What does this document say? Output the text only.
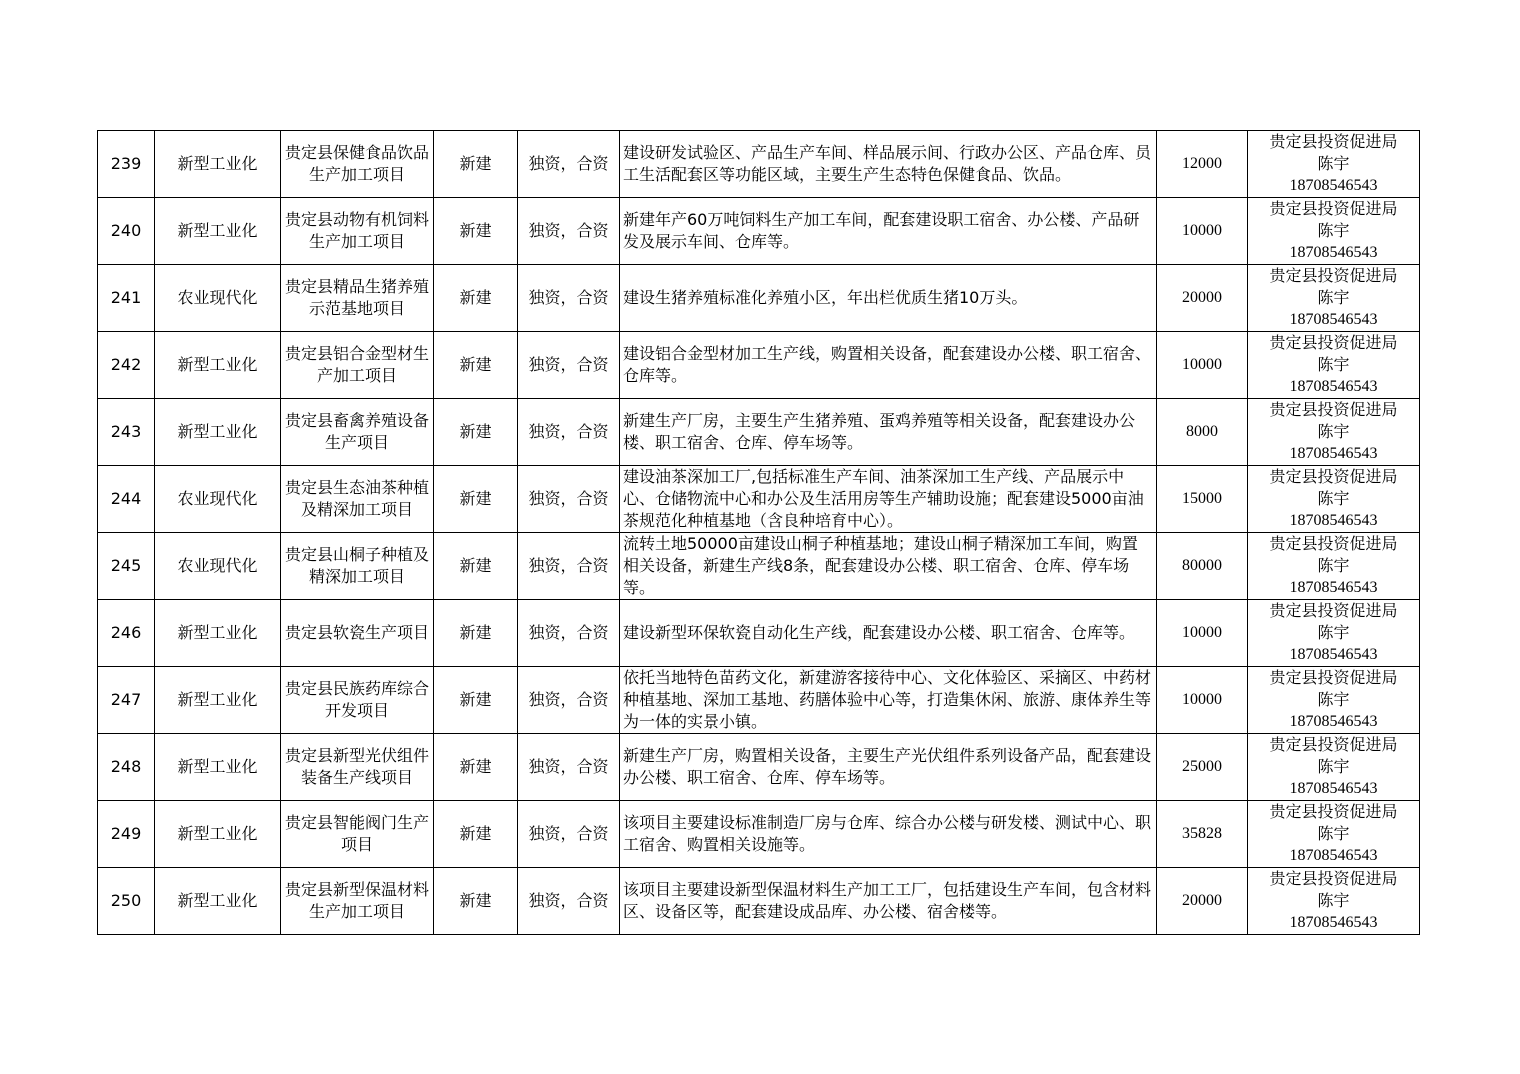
239	新型工业化	贵定县保健食品饮品生产加工项目	新建	独资，合资	建设研发试验区、产品生产车间、样品展示间、行政办公区、产品仓库、员工生活配套区等功能区域，主要生产生态特色保健食品、饮品。	12000	贵定县投资促进局
陈宇
18708546543

240	新型工业化	贵定县动物有机饲料生产加工项目	新建	独资，合资	新建年产60万吨饲料生产加工车间，配套建设职工宿舍、办公楼、产品研发及展示车间、仓库等。	10000	贵定县投资促进局
陈宇
18708546543

241	农业现代化	贵定县精品生猪养殖示范基地项目	新建	独资，合资	建设生猪养殖标准化养殖小区，年出栏优质生猪10万头。	20000	贵定县投资促进局
陈宇
18708546543

242	新型工业化	贵定县铝合金型材生产加工项目	新建	独资，合资	建设铝合金型材加工生产线，购置相关设备，配套建设办公楼、职工宿舍、仓库等。	10000	贵定县投资促进局
陈宇
18708546543

243	新型工业化	贵定县畜禽养殖设备生产项目	新建	独资，合资	新建生产厂房，主要生产生猪养殖、蛋鸡养殖等相关设备，配套建设办公楼、职工宿舍、仓库、停车场等。	8000	贵定县投资促进局
陈宇
18708546543

244	农业现代化	贵定县生态油茶种植及精深加工项目	新建	独资，合资	建设油茶深加工厂,包括标准生产车间、油茶深加工生产线、产品展示中心、仓储物流中心和办公及生活用房等生产辅助设施；配套建设5000亩油茶规范化种植基地（含良种培育中心）。	15000	贵定县投资促进局
陈宇
18708546543

245	农业现代化	贵定县山桐子种植及精深加工项目	新建	独资，合资	流转土地50000亩建设山桐子种植基地；建设山桐子精深加工车间，购置相关设备，新建生产线8条，配套建设办公楼、职工宿舍、仓库、停车场等。	80000	贵定县投资促进局
陈宇
18708546543

246	新型工业化	贵定县软瓷生产项目	新建	独资，合资	建设新型环保软瓷自动化生产线，配套建设办公楼、职工宿舍、仓库等。	10000	贵定县投资促进局
陈宇
18708546543

247	新型工业化	贵定县民族药库综合开发项目	新建	独资，合资	依托当地特色苗药文化，新建游客接待中心、文化体验区、采摘区、中药材种植基地、深加工基地、药膳体验中心等，打造集休闲、旅游、康体养生等为一体的实景小镇。	10000	贵定县投资促进局
陈宇
18708546543

248	新型工业化	贵定县新型光伏组件装备生产线项目	新建	独资，合资	新建生产厂房，购置相关设备，主要生产光伏组件系列设备产品，配套建设办公楼、职工宿舍、仓库、停车场等。	25000	贵定县投资促进局
陈宇
18708546543

249	新型工业化	贵定县智能阀门生产项目	新建	独资，合资	该项目主要建设标准制造厂房与仓库、综合办公楼与研发楼、测试中心、职工宿舍、购置相关设施等。	35828	贵定县投资促进局
陈宇
18708546543

250	新型工业化	贵定县新型保温材料生产加工项目	新建	独资，合资	该项目主要建设新型保温材料生产加工工厂，包括建设生产车间，包含材料区、设备区等，配套建设成品库、办公楼、宿舍楼等。	20000	贵定县投资促进局
陈宇
18708546543
